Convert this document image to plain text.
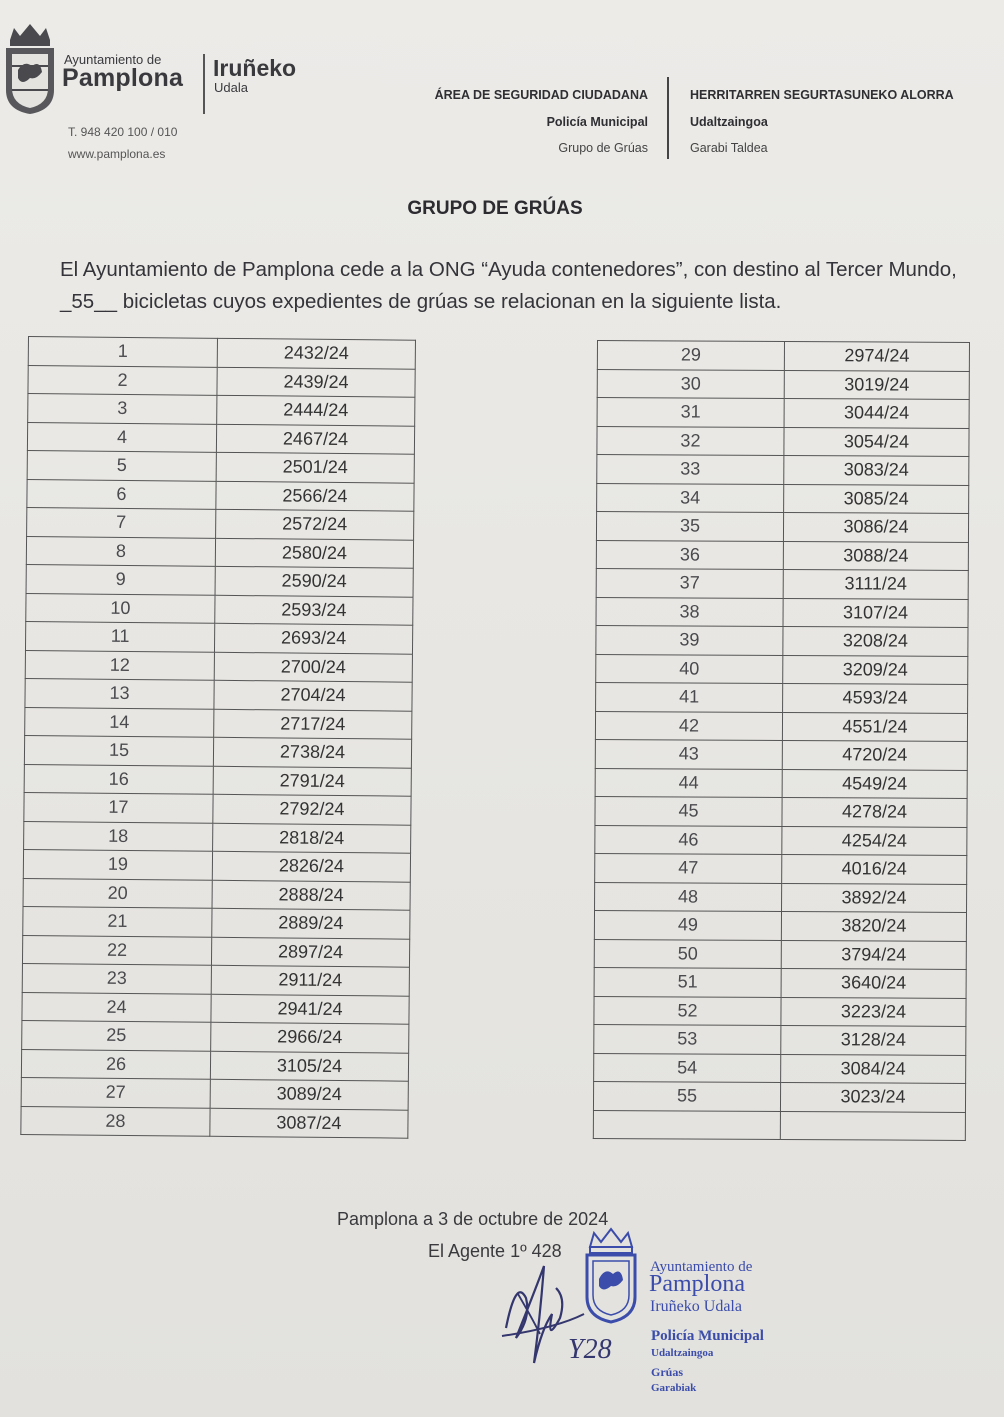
Ayuntamiento de
Pamplona Iruñeko
Udala
T. 948 420 100 / 010
www.pamplona.es
ÁREA DE SEGURIDAD CIUDADANA
Policía Municipal
Grupo de Grúas
HERRITARREN SEGURTASUNEKO ALORRA
Udaltzaingoa
Garabi Taldea
GRUPO DE GRÚAS
El Ayuntamiento de Pamplona cede a la ONG “Ayuda contenedores”, con destino al Tercer Mundo, _55__ bicicletas cuyos expedientes de grúas se relacionan en la siguiente lista.
1	2432/24
2	2439/24
3	2444/24
4	2467/24
5	2501/24
6	2566/24
7	2572/24
8	2580/24
9	2590/24
10	2593/24
11	2693/24
12	2700/24
13	2704/24
14	2717/24
15	2738/24
16	2791/24
17	2792/24
18	2818/24
19	2826/24
20	2888/24
21	2889/24
22	2897/24
23	2911/24
24	2941/24
25	2966/24
26	3105/24
27	3089/24
28	3087/24
29	2974/24
30	3019/24
31	3044/24
32	3054/24
33	3083/24
34	3085/24
35	3086/24
36	3088/24
37	3111/24
38	3107/24
39	3208/24
40	3209/24
41	4593/24
42	4551/24
43	4720/24
44	4549/24
45	4278/24
46	4254/24
47	4016/24
48	3892/24
49	3820/24
50	3794/24
51	3640/24
52	3223/24
53	3128/24
54	3084/24
55	3023/24

Pamplona a 3 de octubre de 2024
El Agente 1º 428
Y28
Ayuntamiento de
Pamplona
Iruñeko Udala
Policía Municipal
Udaltzaingoa
Grúas
Garabiak
